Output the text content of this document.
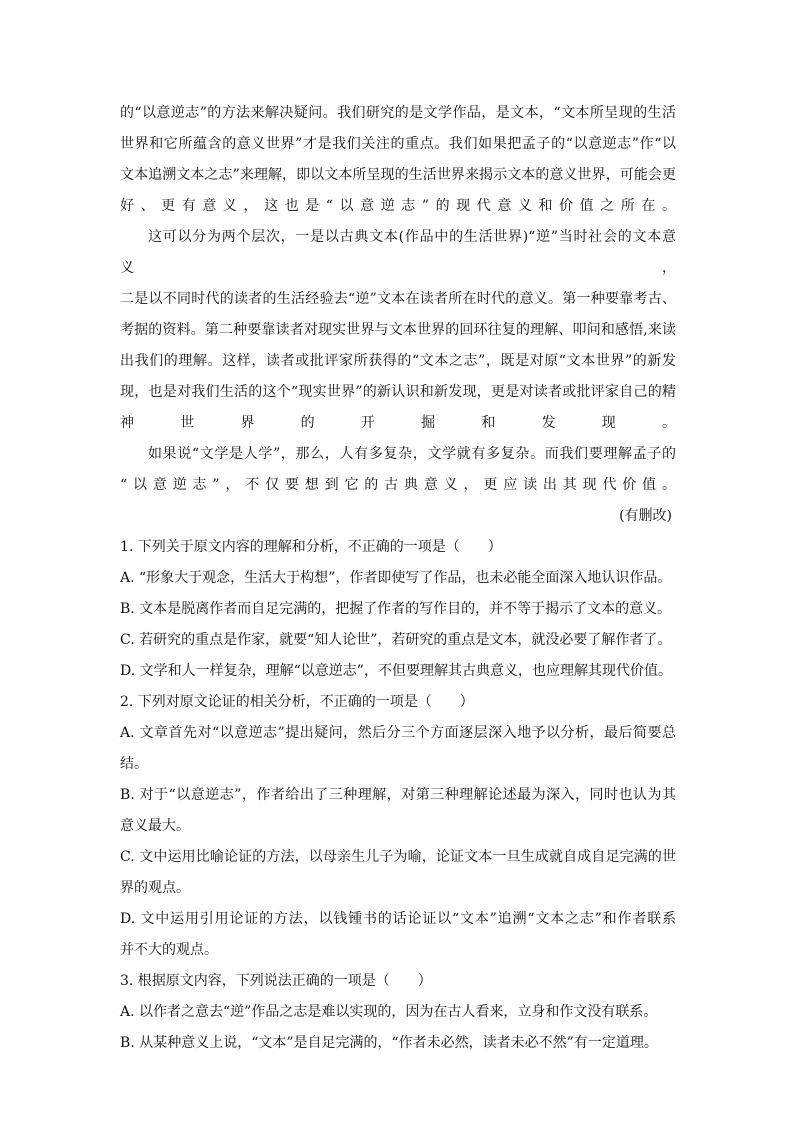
的“以意逆志”的方法来解决疑问。我们研究的是文学作品，是文本，“文本所呈现的生活
世界和它所蕴含的意义世界”才是我们关注的重点。我们如果把孟子的“以意逆志”作“以
文本追溯文本之志”来理解，即以文本所呈现的生活世界来揭示文本的意义世界，可能会更
好、更有意义，这也是“以意逆志”的现代意义和价值之所在。
这可以分为两个层次，一是以古典文本(作品中的生活世界)“逆”当时社会的文本意义，
二是以不同时代的读者的生活经验去“逆”文本在读者所在时代的意义。第一种要靠考古、
考据的资料。第二种要靠读者对现实世界与文本世界的回环往复的理解、叩问和感悟,来读
出我们的理解。这样，读者或批评家所获得的“文本之志”，既是对原“文本世界”的新发
现，也是对我们生活的这个“现实世界”的新认识和新发现，更是对读者或批评家自己的精
神世界的开掘和发现。
如果说“文学是人学”，那么，人有多复杂，文学就有多复杂。而我们要理解孟子的
“以意逆志”，不仅要想到它的古典意义，更应读出其现代价值。

(有删改)

1. 下列关于原文内容的理解和分析，不正确的一项是（　　）

A. “形象大于观念，生活大于构想”，作者即使写了作品，也未必能全面深入地认识作品。

B. 文本是脱离作者而自足完满的，把握了作者的写作目的，并不等于揭示了文本的意义。

C. 若研究的重点是作家，就要“知人论世”，若研究的重点是文本，就没必要了解作者了。

D. 文学和人一样复杂，理解“以意逆志”，不但要理解其古典意义，也应理解其现代价值。

2. 下列对原文论证的相关分析，不正确的一项是（　　）

A. 文章首先对“以意逆志”提出疑问，然后分三个方面逐层深入地予以分析，最后简要总
结。

B. 对于“以意逆志”，作者给出了三种理解，对第三种理解论述最为深入，同时也认为其
意义最大。

C. 文中运用比喻论证的方法，以母亲生儿子为喻，论证文本一旦生成就自成自足完满的世
界的观点。

D. 文中运用引用论证的方法，以钱锺书的话论证以“文本”追溯“文本之志”和作者联系
并不大的观点。

3. 根据原文内容，下列说法正确的一项是（　　）

A. 以作者之意去“逆”作品之志是难以实现的，因为在古人看来，立身和作文没有联系。

B. 从某种意义上说，“文本”是自足完满的，“作者未必然，读者未必不然”有一定道理。
